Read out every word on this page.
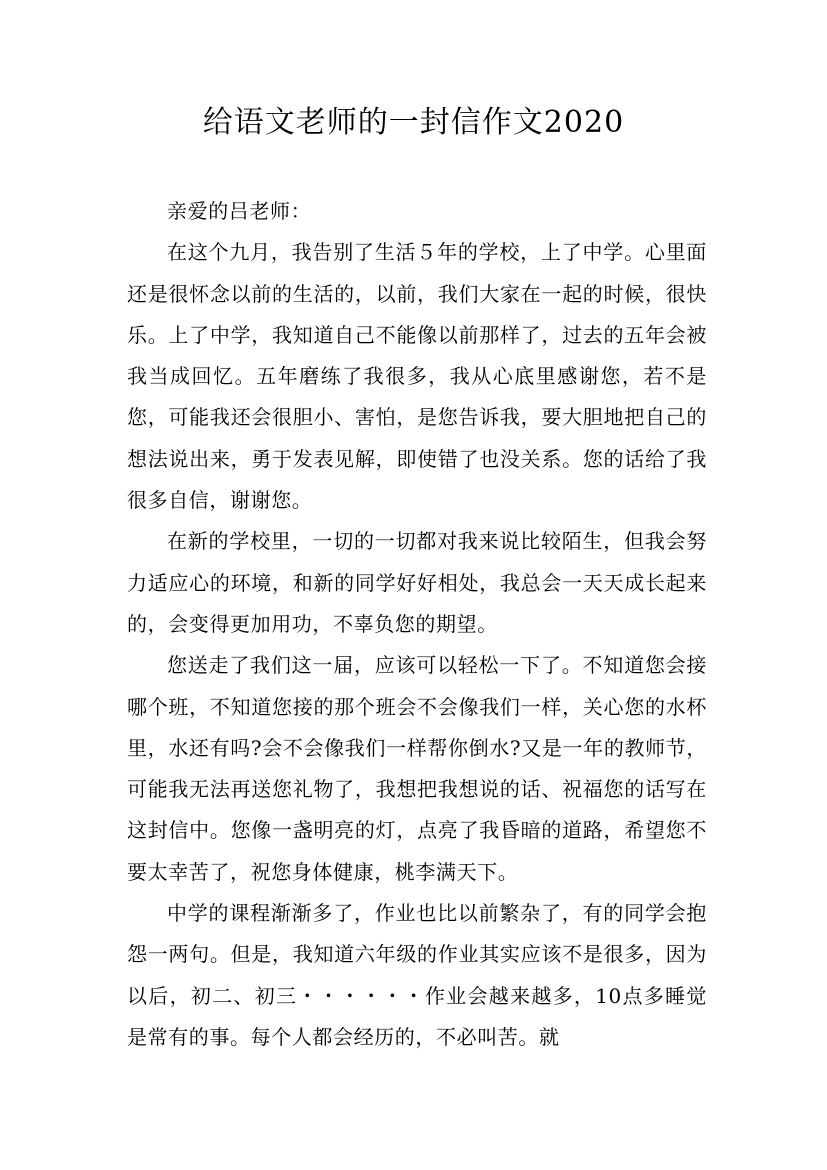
给语文老师的一封信作文2020

亲爱的吕老师：

在这个九月，我告别了生活５年的学校，上了中学。心里面还是很怀念以前的生活的，以前，我们大家在一起的时候，很快乐。上了中学，我知道自己不能像以前那样了，过去的五年会被我当成回忆。五年磨练了我很多，我从心底里感谢您，若不是您，可能我还会很胆小、害怕，是您告诉我，要大胆地把自己的想法说出来，勇于发表见解，即使错了也没关系。您的话给了我很多自信，谢谢您。

在新的学校里，一切的一切都对我来说比较陌生，但我会努力适应心的环境，和新的同学好好相处，我总会一天天成长起来的，会变得更加用功，不辜负您的期望。

您送走了我们这一届，应该可以轻松一下了。不知道您会接哪个班，不知道您接的那个班会不会像我们一样，关心您的水杯里，水还有吗?会不会像我们一样帮你倒水?又是一年的教师节，可能我无法再送您礼物了，我想把我想说的话、祝福您的话写在这封信中。您像一盏明亮的灯，点亮了我昏暗的道路，希望您不要太幸苦了，祝您身体健康，桃李满天下。

中学的课程渐渐多了，作业也比以前繁杂了，有的同学会抱怨一两句。但是，我知道六年级的作业其实应该不是很多，因为以后，初二、初三・・・・・・作业会越来越多，10点多睡觉是常有的事。每个人都会经历的，不必叫苦。就
